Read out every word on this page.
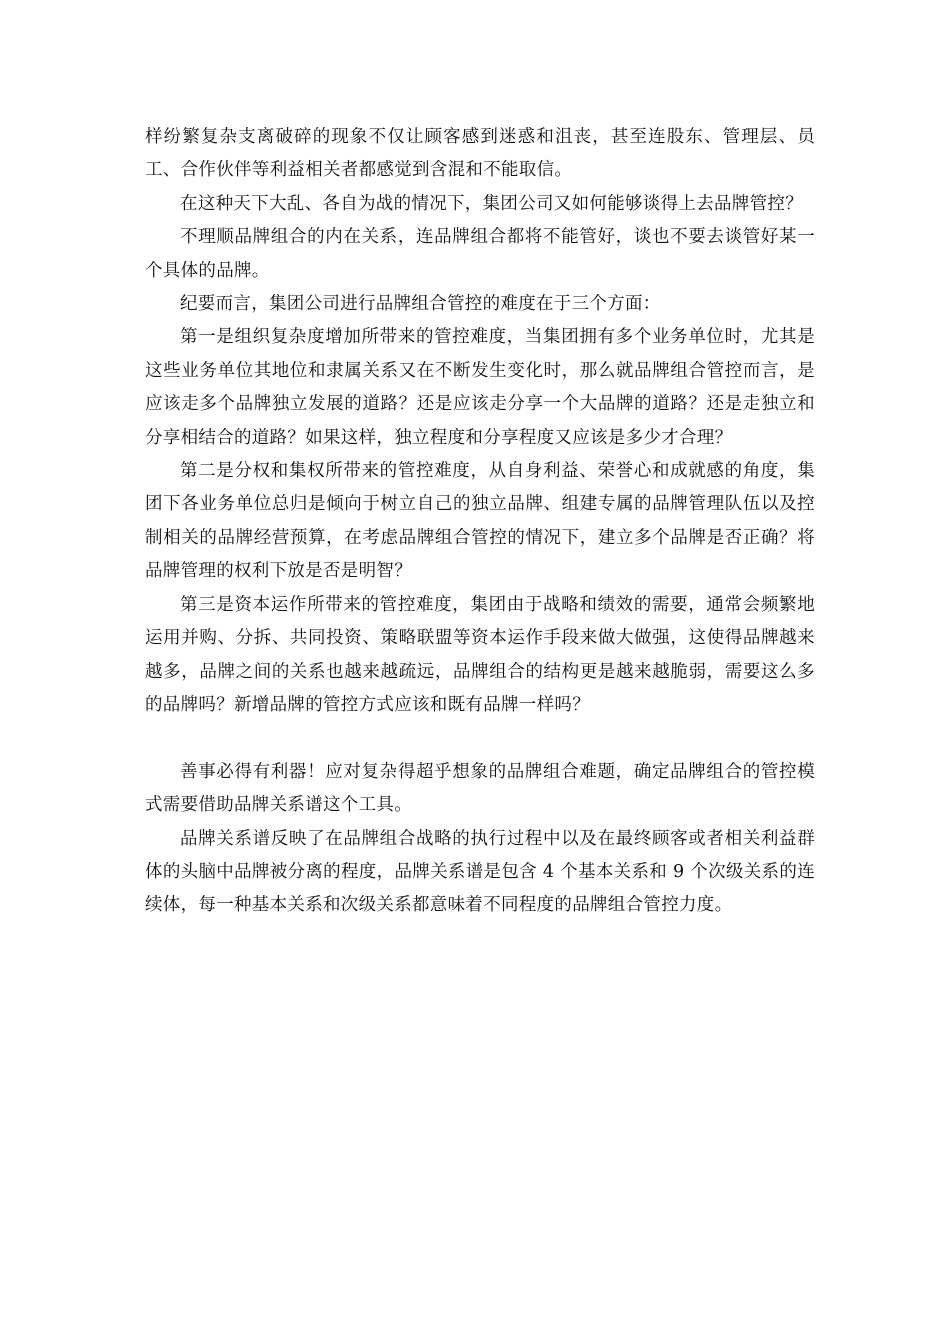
样纷繁复杂支离破碎的现象不仅让顾客感到迷惑和沮丧，甚至连股东、管理层、员工、合作伙伴等利益相关者都感觉到含混和不能取信。

在这种天下大乱、各自为战的情况下，集团公司又如何能够谈得上去品牌管控？

不理顺品牌组合的内在关系，连品牌组合都将不能管好，谈也不要去谈管好某一个具体的品牌。

纪要而言，集团公司进行品牌组合管控的难度在于三个方面：

第一是组织复杂度增加所带来的管控难度，当集团拥有多个业务单位时，尤其是这些业务单位其地位和隶属关系又在不断发生变化时，那么就品牌组合管控而言，是应该走多个品牌独立发展的道路？还是应该走分享一个大品牌的道路？还是走独立和分享相结合的道路？如果这样，独立程度和分享程度又应该是多少才合理？

第二是分权和集权所带来的管控难度，从自身利益、荣誉心和成就感的角度，集团下各业务单位总归是倾向于树立自己的独立品牌、组建专属的品牌管理队伍以及控制相关的品牌经营预算，在考虑品牌组合管控的情况下，建立多个品牌是否正确？将品牌管理的权利下放是否是明智？

第三是资本运作所带来的管控难度，集团由于战略和绩效的需要，通常会频繁地运用并购、分拆、共同投资、策略联盟等资本运作手段来做大做强，这使得品牌越来越多，品牌之间的关系也越来越疏远，品牌组合的结构更是越来越脆弱，需要这么多的品牌吗？新增品牌的管控方式应该和既有品牌一样吗？

善事必得有利器！应对复杂得超乎想象的品牌组合难题，确定品牌组合的管控模式需要借助品牌关系谱这个工具。

品牌关系谱反映了在品牌组合战略的执行过程中以及在最终顾客或者相关利益群体的头脑中品牌被分离的程度，品牌关系谱是包含 4 个基本关系和 9 个次级关系的连续体，每一种基本关系和次级关系都意味着不同程度的品牌组合管控力度。
